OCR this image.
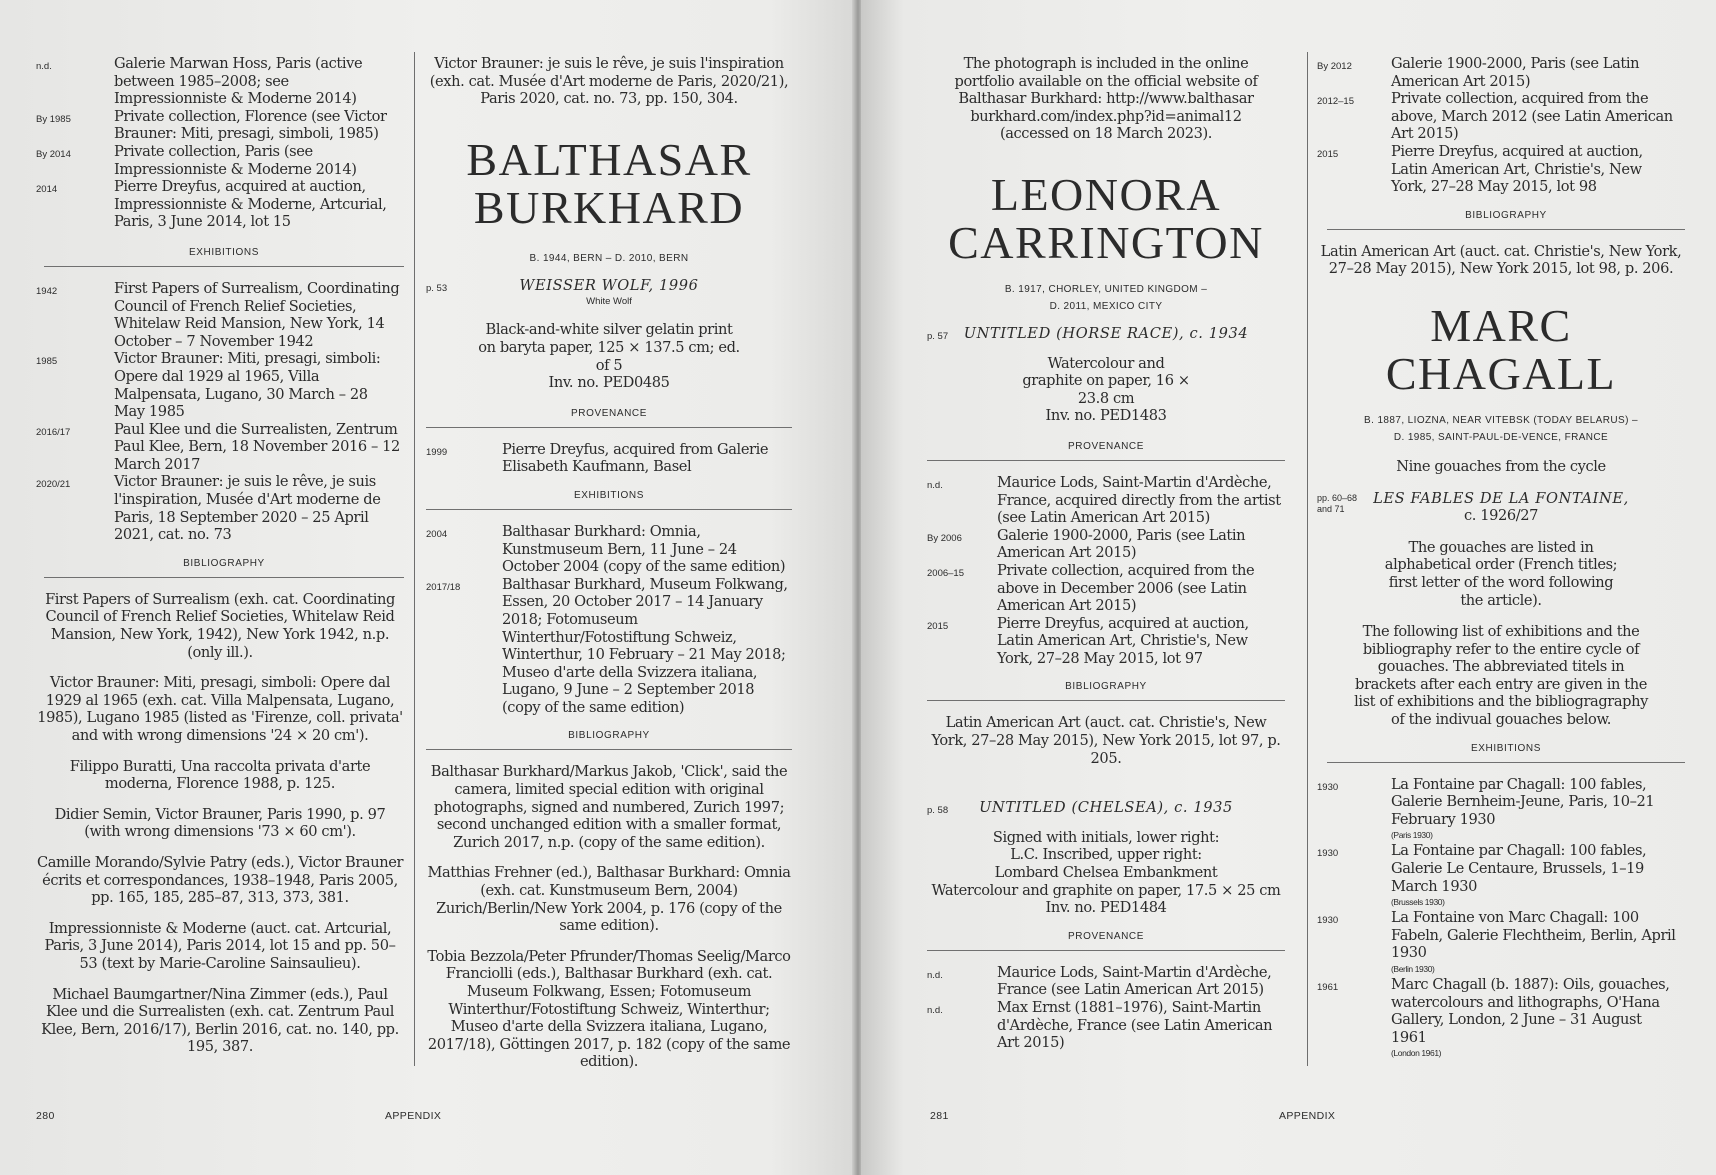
n.d.	Galerie Marwan Hoss, Paris (active between 1985–2008; see Impressionniste & Moderne 2014)
By 1985	Private collection, Florence (see Victor Brauner: Miti, presagi, simboli, 1985)
By 2014	Private collection, Paris (see Impressionniste & Moderne 2014)
2014	Pierre Dreyfus, acquired at auction, Impressionniste & Moderne, Artcurial, Paris, 3 June 2014, lot 15
EXHIBITIONS
1942	First Papers of Surrealism, Coordinating Council of French Relief Societies, Whitelaw Reid Mansion, New York, 14 October – 7 November 1942
1985	Victor Brauner: Miti, presagi, simboli: Opere dal 1929 al 1965, Villa Malpensata, Lugano, 30 March – 28 May 1985
2016/17	Paul Klee und die Surrealisten, Zentrum Paul Klee, Bern, 18 November 2016 – 12 March 2017
2020/21	Victor Brauner: je suis le rêve, je suis l'inspiration, Musée d'Art moderne de Paris, 18 September 2020 – 25 April 2021, cat. no. 73
BIBLIOGRAPHY
First Papers of Surrealism (exh. cat. Coordinating Council of French Relief Societies, Whitelaw Reid Mansion, New York, 1942), New York 1942, n.p. (only ill.).
Victor Brauner: Miti, presagi, simboli: Opere dal 1929 al 1965 (exh. cat. Villa Malpensata, Lugano, 1985), Lugano 1985 (listed as 'Firenze, coll. privata' and with wrong dimensions '24 × 20 cm').
Filippo Buratti, Una raccolta privata d'arte moderna, Florence 1988, p. 125.
Didier Semin, Victor Brauner, Paris 1990, p. 97 (with wrong dimensions '73 × 60 cm').
Camille Morando/Sylvie Patry (eds.), Victor Brauner écrits et correspondances, 1938–1948, Paris 2005, pp. 165, 185, 285–87, 313, 373, 381.
Impressionniste & Moderne (auct. cat. Artcurial, Paris, 3 June 2014), Paris 2014, lot 15 and pp. 50–53 (text by Marie-Caroline Sainsaulieu).
Michael Baumgartner/Nina Zimmer (eds.), Paul Klee und die Surrealisten (exh. cat. Zentrum Paul Klee, Bern, 2016/17), Berlin 2016, cat. no. 140, pp. 195, 387.
Victor Brauner: je suis le rêve, je suis l'inspiration (exh. cat. Musée d'Art moderne de Paris, 2020/21), Paris 2020, cat. no. 73, pp. 150, 304.
BALTHASAR
BURKHARD
B. 1944, BERN – D. 2010, BERN
p. 53	WEISSER WOLF, 1996
White Wolf
Black-and-white silver gelatin print on baryta paper, 125 × 137.5 cm; ed. of 5
Inv. no. PED0485
PROVENANCE
1999	Pierre Dreyfus, acquired from Galerie Elisabeth Kaufmann, Basel
EXHIBITIONS
2004	Balthasar Burkhard: Omnia, Kunstmuseum Bern, 11 June – 24 October 2004 (copy of the same edition)
2017/18	Balthasar Burkhard, Museum Folkwang, Essen, 20 October 2017 – 14 January 2018; Fotomuseum Winterthur/Fotostiftung Schweiz, Winterthur, 10 February – 21 May 2018; Museo d'arte della Svizzera italiana, Lugano, 9 June – 2 September 2018 (copy of the same edition)
BIBLIOGRAPHY
Balthasar Burkhard/Markus Jakob, 'Click', said the camera, limited special edition with original photographs, signed and numbered, Zurich 1997; second unchanged edition with a smaller format, Zurich 2017, n.p. (copy of the same edition).
Matthias Frehner (ed.), Balthasar Burkhard: Omnia (exh. cat. Kunstmuseum Bern, 2004) Zurich/Berlin/New York 2004, p. 176 (copy of the same edition).
Tobia Bezzola/Peter Pfrunder/Thomas Seelig/Marco Franciolli (eds.), Balthasar Burkhard (exh. cat. Museum Folkwang, Essen; Fotomuseum Winterthur/Fotostiftung Schweiz, Winterthur; Museo d'arte della Svizzera italiana, Lugano, 2017/18), Göttingen 2017, p. 182 (copy of the same edition).
280	APPENDIX
The photograph is included in the online portfolio available on the official website of Balthasar Burkhard: http://www.balthasar burkhard.com/index.php?id=animal12 (accessed on 18 March 2023).
LEONORA
CARRINGTON
B. 1917, CHORLEY, UNITED KINGDOM –
D. 2011, MEXICO CITY
p. 57 UNTITLED (HORSE RACE), c. 1934
Watercolour and graphite on paper, 16 × 23.8 cm
Inv. no. PED1483
PROVENANCE
n.d.	Maurice Lods, Saint-Martin d'Ardèche, France, acquired directly from the artist (see Latin American Art 2015)
By 2006	Galerie 1900-2000, Paris (see Latin American Art 2015)
2006–15	Private collection, acquired from the above in December 2006 (see Latin American Art 2015)
2015	Pierre Dreyfus, acquired at auction, Latin American Art, Christie's, New York, 27–28 May 2015, lot 97
BIBLIOGRAPHY
Latin American Art (auct. cat. Christie's, New York, 27–28 May 2015), New York 2015, lot 97, p. 205.
p. 58 UNTITLED (CHELSEA), c. 1935
Signed with initials, lower right: L.C. Inscribed, upper right: Lombard Chelsea Embankment
Watercolour and graphite on paper, 17.5 × 25 cm
Inv. no. PED1484
PROVENANCE
n.d.	Maurice Lods, Saint-Martin d'Ardèche, France (see Latin American Art 2015)
n.d.	Max Ernst (1881–1976), Saint-Martin d'Ardèche, France (see Latin American Art 2015)
By 2012	Galerie 1900-2000, Paris (see Latin American Art 2015)
2012–15	Private collection, acquired from the above, March 2012 (see Latin American Art 2015)
2015	Pierre Dreyfus, acquired at auction, Latin American Art, Christie's, New York, 27–28 May 2015, lot 98
BIBLIOGRAPHY
Latin American Art (auct. cat. Christie's, New York, 27–28 May 2015), New York 2015, lot 98, p. 206.
MARC
CHAGALL
B. 1887, LIOZNA, NEAR VITEBSK (TODAY BELARUS) –
D. 1985, SAINT-PAUL-DE-VENCE, FRANCE
Nine gouaches from the cycle
pp. 60–68
and 71
LES FABLES DE LA FONTAINE,
c. 1926/27
The gouaches are listed in alphabetical order (French titles; first letter of the word following the article).
The following list of exhibitions and the bibliography refer to the entire cycle of gouaches. The abbreviated titels in brackets after each entry are given in the list of exhibitions and the bibliogragraphy of the indivual gouaches below.
EXHIBITIONS
1930	La Fontaine par Chagall: 100 fables, Galerie Bernheim-Jeune, Paris, 10–21 February 1930
(Paris 1930)
1930	La Fontaine par Chagall: 100 fables, Galerie Le Centaure, Brussels, 1–19 March 1930
(Brussels 1930)
1930	La Fontaine von Marc Chagall: 100 Fabeln, Galerie Flechtheim, Berlin, April 1930
(Berlin 1930)
1961	Marc Chagall (b. 1887): Oils, gouaches, watercolours and lithographs, O'Hana Gallery, London, 2 June – 31 August 1961
(London 1961)
281	APPENDIX
